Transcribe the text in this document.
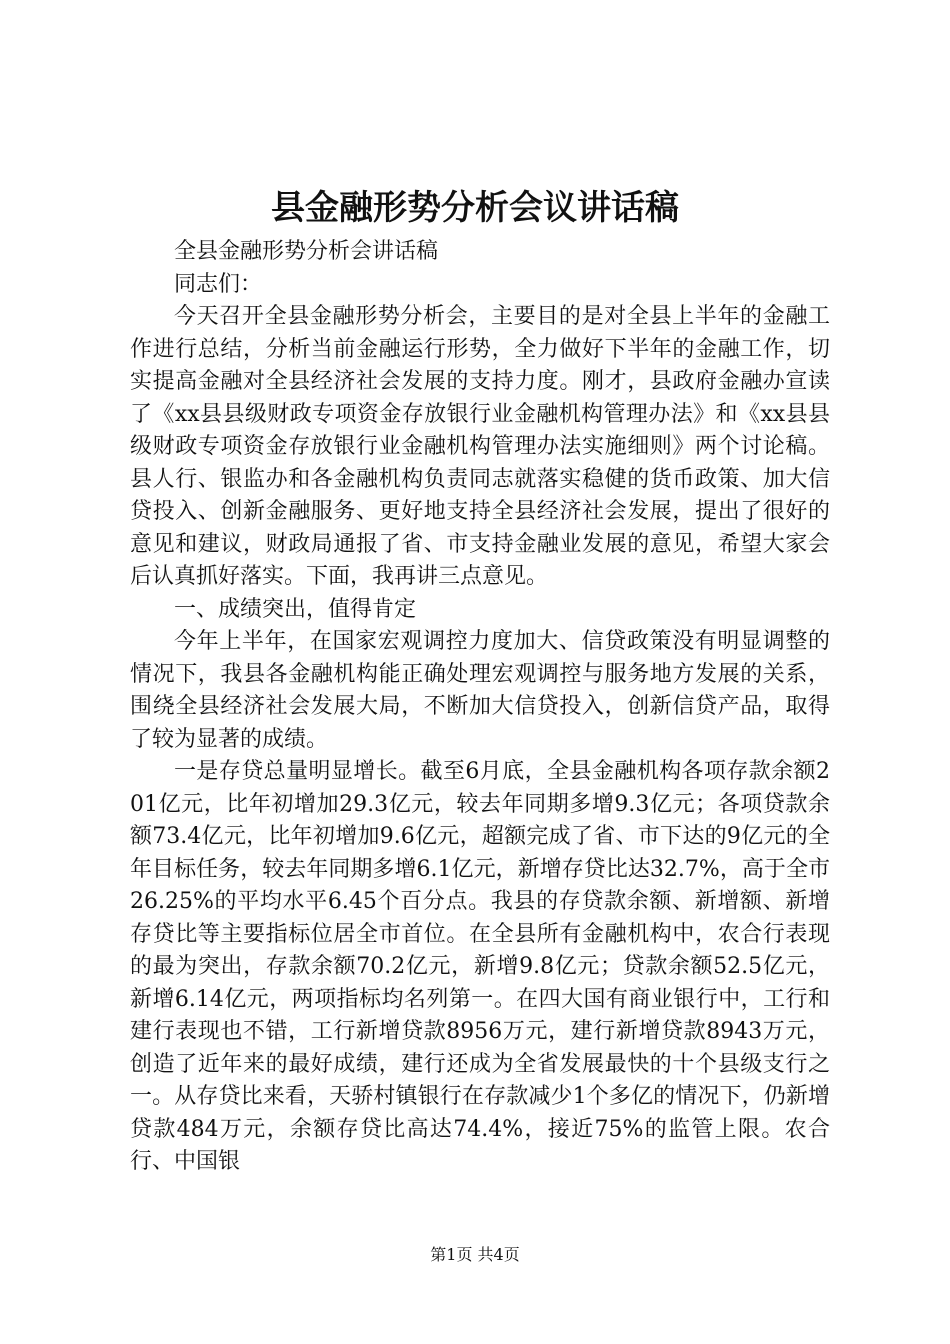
县金融形势分析会议讲话稿

全县金融形势分析会讲话稿

同志们：

今天召开全县金融形势分析会，主要目的是对全县上半年的金融工作进行总结，分析当前金融运行形势，全力做好下半年的金融工作，切实提高金融对全县经济社会发展的支持力度。刚才，县政府金融办宣读了《xx县县级财政专项资金存放银行业金融机构管理办法》和《xx县县级财政专项资金存放银行业金融机构管理办法实施细则》两个讨论稿。县人行、银监办和各金融机构负责同志就落实稳健的货币政策、加大信贷投入、创新金融服务、更好地支持全县经济社会发展，提出了很好的意见和建议，财政局通报了省、市支持金融业发展的意见，希望大家会后认真抓好落实。下面，我再讲三点意见。

一、成绩突出，值得肯定

今年上半年，在国家宏观调控力度加大、信贷政策没有明显调整的情况下，我县各金融机构能正确处理宏观调控与服务地方发展的关系，围绕全县经济社会发展大局，不断加大信贷投入，创新信贷产品，取得了较为显著的成绩。

一是存贷总量明显增长。截至6月底，全县金融机构各项存款余额201亿元，比年初增加29.3亿元，较去年同期多增9.3亿元；各项贷款余额73.4亿元，比年初增加9.6亿元，超额完成了省、市下达的9亿元的全年目标任务，较去年同期多增6.1亿元，新增存贷比达32.7%，高于全市26.25%的平均水平6.45个百分点。我县的存贷款余额、新增额、新增存贷比等主要指标位居全市首位。在全县所有金融机构中，农合行表现的最为突出，存款余额70.2亿元，新增9.8亿元；贷款余额52.5亿元，新增6.14亿元，两项指标均名列第一。在四大国有商业银行中，工行和建行表现也不错，工行新增贷款8956万元，建行新增贷款8943万元，创造了近年来的最好成绩，建行还成为全省发展最快的十个县级支行之一。从存贷比来看，天骄村镇银行在存款减少1个多亿的情况下，仍新增贷款484万元，余额存贷比高达74.4%，接近75%的监管上限。农合行、中国银

第1页 共4页
